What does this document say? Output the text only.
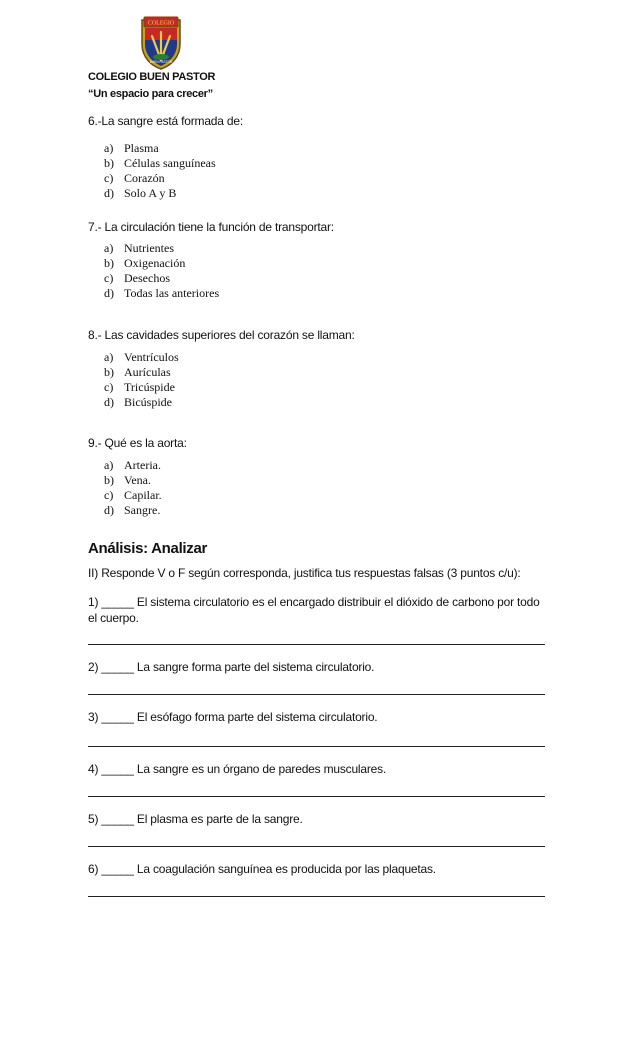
COLEGIO
BUEN PASTOR
COLEGIO BUEN PASTOR
“Un espacio para crecer”
6.-La sangre está formada de:
a) Plasma
b) Células sanguíneas
c) Corazón
d) Solo A y B
7.- La circulación tiene la función de transportar:
a) Nutrientes
b) Oxigenación
c) Desechos
d) Todas las anteriores
8.- Las cavidades superiores del corazón se llaman:
a) Ventrículos
b) Aurículas
c) Tricúspide
d) Bicúspide
9.- Qué es la aorta:
a) Arteria.
b) Vena.
c) Capilar.
d) Sangre.
Análisis: Analizar
II) Responde V o F según corresponda, justifica tus respuestas falsas (3 puntos c/u):
1) _____ El sistema circulatorio es el encargado distribuir el dióxido de carbono por todo el cuerpo.
2) _____ La sangre forma parte del sistema circulatorio.
3) _____ El esófago forma parte del sistema circulatorio.
4) _____ La sangre es un órgano de paredes musculares.
5) _____ El plasma es parte de la sangre.
6) _____ La coagulación sanguínea es producida por las plaquetas.
